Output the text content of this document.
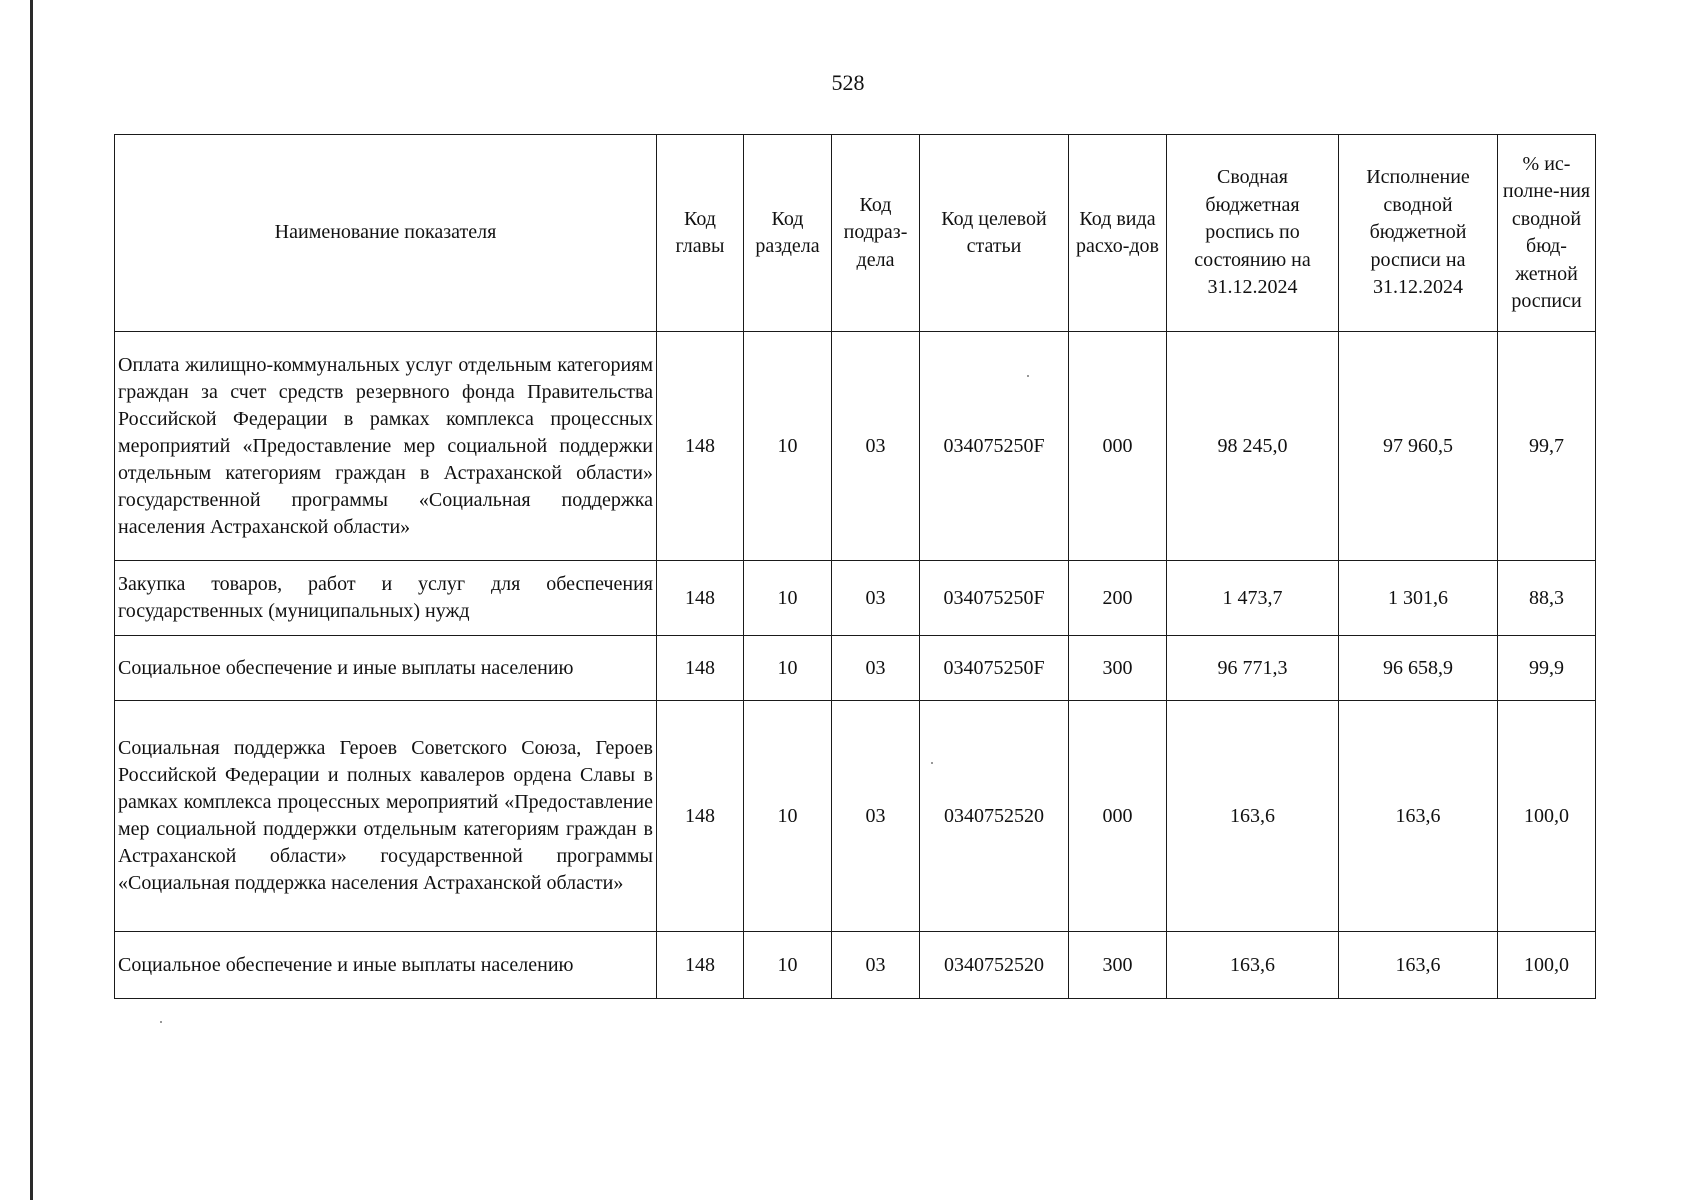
528
Наименование показателя	Код главы	Код раздела	Код подраз-дела	Код целевой статьи	Код вида расхо-дов	Сводная бюджетная роспись по состоянию на 31.12.2024	Исполнение сводной бюджетной росписи на 31.12.2024	% ис-полне-ния сводной бюд-жетной росписи
Оплата жилищно-коммунальных услуг отдельным категориям граждан за счет средств резервного фонда Правительства Российской Федерации в рамках комплекса процессных мероприятий «Предоставление мер социальной поддержки отдельным категориям граждан в Астраханской области» государственной программы «Социальная поддержка населения Астраханской области»	148	10	03	034075250F	000	98 245,0	97 960,5	99,7
Закупка товаров, работ и услуг для обеспечения государственных (муниципальных) нужд	148	10	03	034075250F	200	1 473,7	1 301,6	88,3
Социальное обеспечение и иные выплаты населению	148	10	03	034075250F	300	96 771,3	96 658,9	99,9
Социальная поддержка Героев Советского Союза, Героев Российской Федерации и полных кавалеров ордена Славы в рамках комплекса процессных мероприятий «Предоставление мер социальной поддержки отдельным категориям граждан в Астраханской области» государственной программы «Социальная поддержка населения Астраханской области»	148	10	03	0340752520	000	163,6	163,6	100,0
Социальное обеспечение и иные выплаты населению	148	10	03	0340752520	300	163,6	163,6	100,0
